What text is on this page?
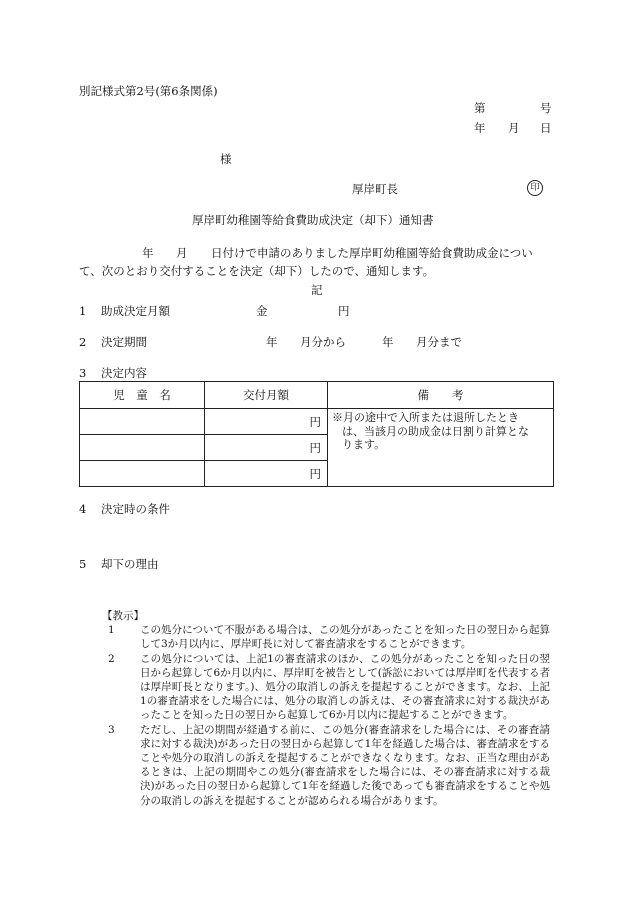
別記様式第2号(第6条関係)
第	号
年 月 日
様
厚岸町長	印
厚岸町幼稚園等給食費助成決定（却下）通知書
年 月 日付けで申請のありました厚岸町幼稚園等給食費助成金につい
て、次のとおり交付することを決定（却下）したので、通知します。
記
1 助成決定月額	金	円
2 決定期間	年 月分から	年 月分まで
3 決定内容
児　童　名	交付月額	備　　考
	円	※月の途中で入所または退所したとき
は、当該月の助成金は日割り計算とな
ります。
	円	
	円	
4 決定時の条件
5 却下の理由
【教示】
1 この処分について不服がある場合は、この処分があったことを知った日の翌日から起算して3か月以内に、厚岸町長に対して審査請求をすることができます。
2 この処分については、上記1の審査請求のほか、この処分があったことを知った日の翌日から起算して6か月以内に、厚岸町を被告として(訴訟においては厚岸町を代表する者は厚岸町長となります。)、処分の取消しの訴えを提起することができます。なお、上記1の審査請求をした場合には、処分の取消しの訴えは、その審査請求に対する裁決があったことを知った日の翌日から起算して6か月以内に提起することができます。
3 ただし、上記の期間が経過する前に、この処分(審査請求をした場合には、その審査請求に対する裁決)があった日の翌日から起算して1年を経過した場合は、審査請求をすることや処分の取消しの訴えを提起することができなくなります。なお、正当な理由があるときは、上記の期間やこの処分(審査請求をした場合には、その審査請求に対する裁決)があった日の翌日から起算して1年を経過した後であっても審査請求をすることや処分の取消しの訴えを提起することが認められる場合があります。
